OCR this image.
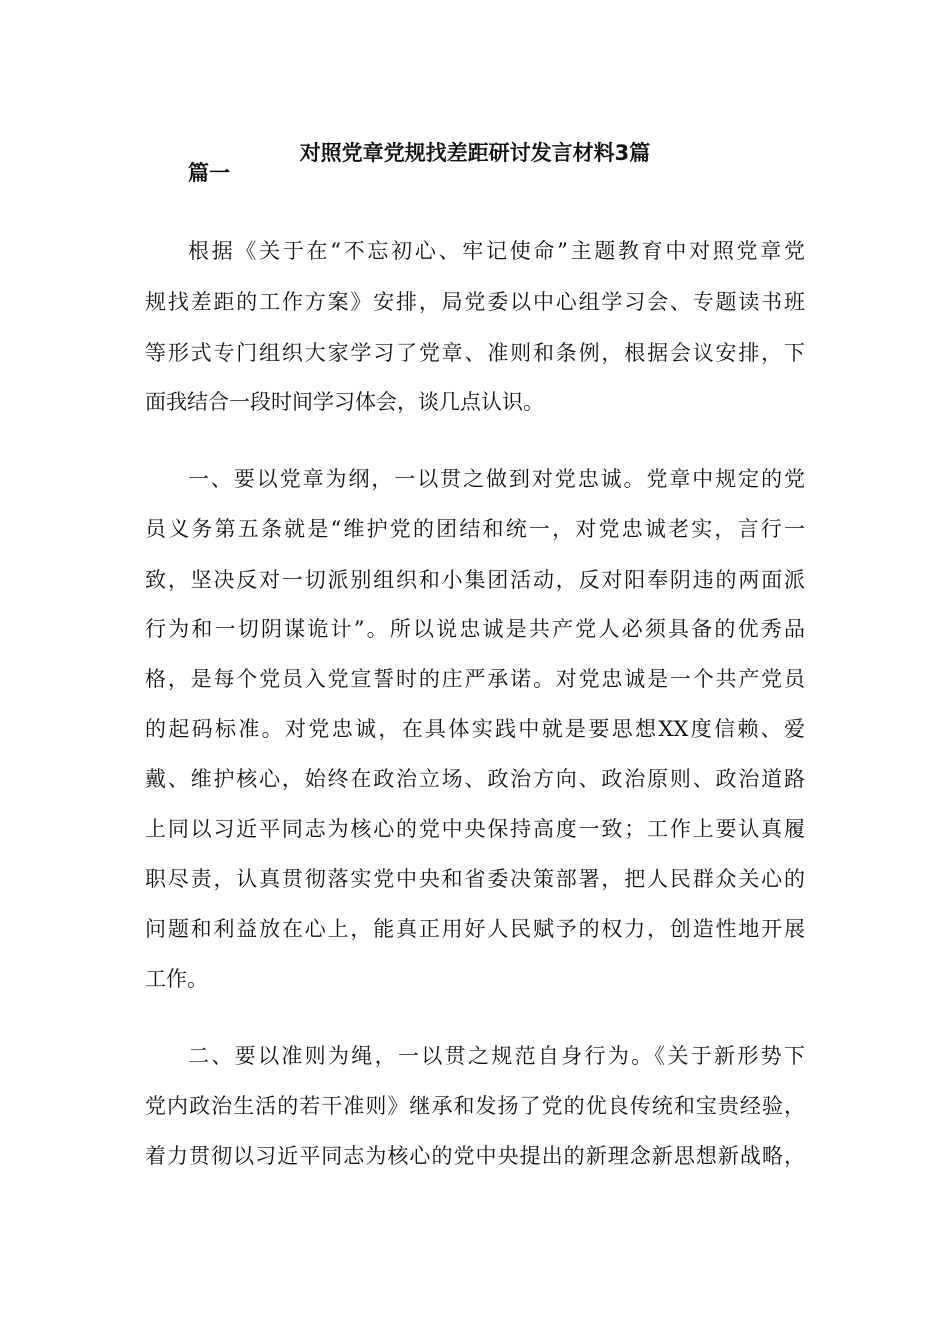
对照党章党规找差距研讨发言材料3篇
篇一
根据《关于在“不忘初心、牢记使命”主题教育中对照党章党
规找差距的工作方案》安排，局党委以中心组学习会、专题读书班
等形式专门组织大家学习了党章、准则和条例，根据会议安排，下
面我结合一段时间学习体会，谈几点认识。
一、要以党章为纲，一以贯之做到对党忠诚。党章中规定的党
员义务第五条就是“维护党的团结和统一，对党忠诚老实，言行一
致，坚决反对一切派别组织和小集团活动，反对阳奉阴违的两面派
行为和一切阴谋诡计”。所以说忠诚是共产党人必须具备的优秀品
格，是每个党员入党宣誓时的庄严承诺。对党忠诚是一个共产党员
的起码标准。对党忠诚，在具体实践中就是要思想XX度信赖、爱
戴、维护核心，始终在政治立场、政治方向、政治原则、政治道路
上同以习近平同志为核心的党中央保持高度一致；工作上要认真履
职尽责，认真贯彻落实党中央和省委决策部署，把人民群众关心的
问题和利益放在心上，能真正用好人民赋予的权力，创造性地开展
工作。
二、要以准则为绳，一以贯之规范自身行为。《关于新形势下
党内政治生活的若干准则》继承和发扬了党的优良传统和宝贵经验，
着力贯彻以习近平同志为核心的党中央提出的新理念新思想新战略，
